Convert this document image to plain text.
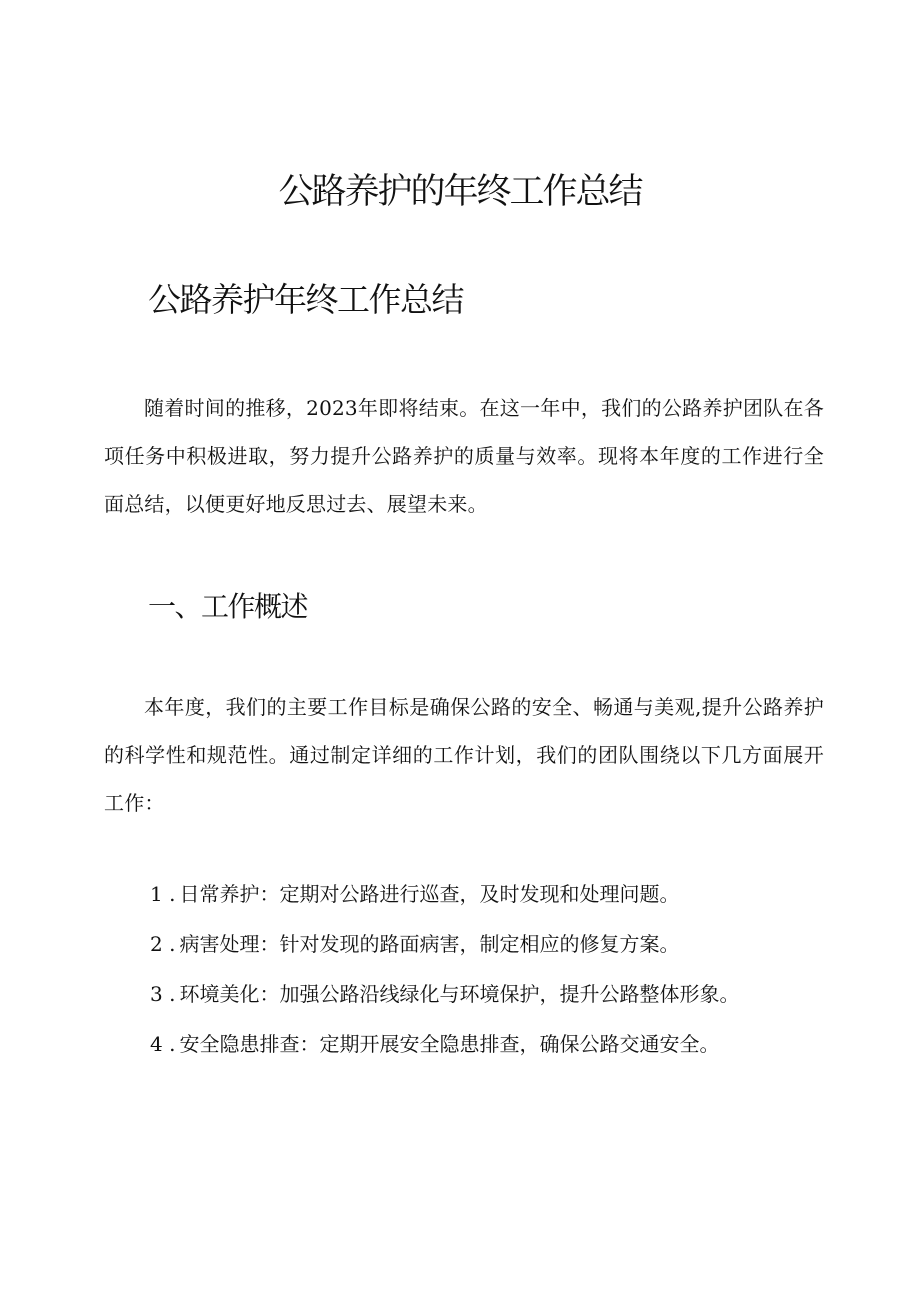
公路养护的年终工作总结
公路养护年终工作总结

随着时间的推移，2023年即将结束。在这一年中，我们的公路养护团队在各项任务中积极进取，努力提升公路养护的质量与效率。现将本年度的工作进行全面总结，以便更好地反思过去、展望未来。

一、工作概述

本年度，我们的主要工作目标是确保公路的安全、畅通与美观,提升公路养护的科学性和规范性。通过制定详细的工作计划，我们的团队围绕以下几方面展开工作：

1 . 日常养护：定期对公路进行巡查，及时发现和处理问题。
2 . 病害处理：针对发现的路面病害，制定相应的修复方案。
3 . 环境美化：加强公路沿线绿化与环境保护，提升公路整体形象。
4 . 安全隐患排查：定期开展安全隐患排查，确保公路交通安全。
